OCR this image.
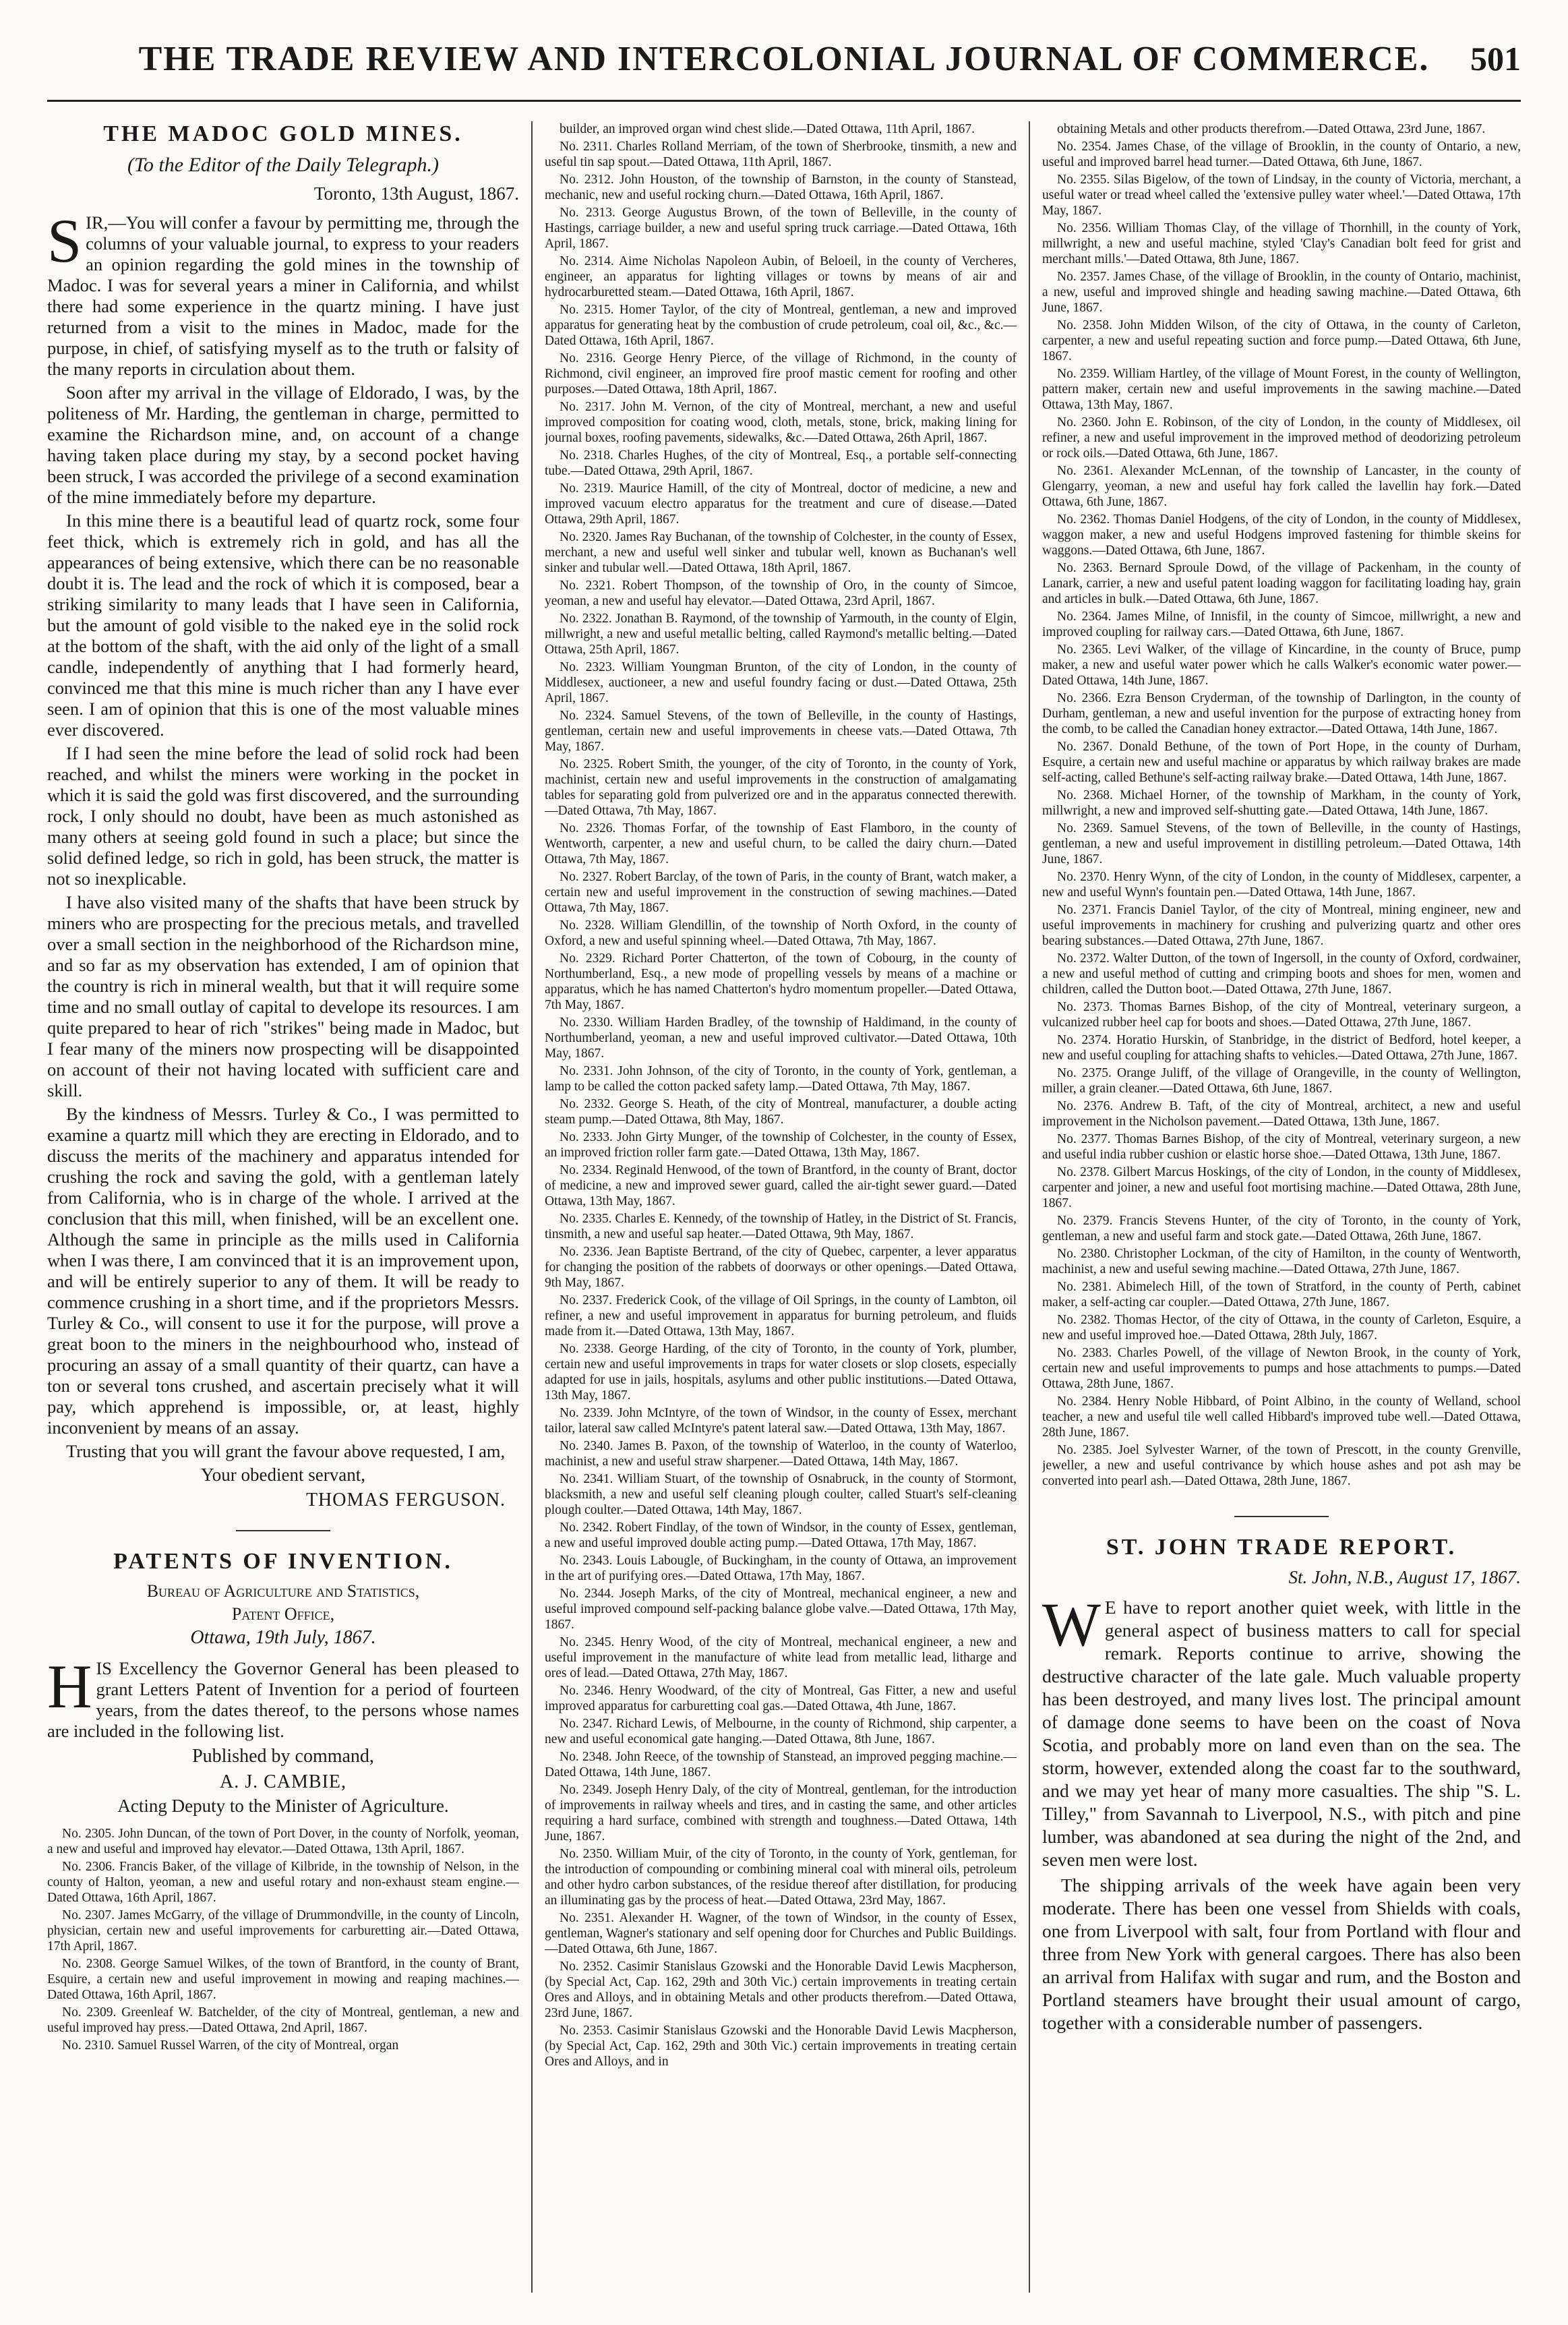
THE TRADE REVIEW AND INTERCOLONIAL JOURNAL OF COMMERCE.	501
THE MADOC GOLD MINES.
(To the Editor of the Daily Telegraph.)
Toronto, 13th August, 1867.

SIR,—You will confer a favour by permitting me, through the columns of your valuable journal, to express to your readers an opinion regarding the gold mines in the township of Madoc. I was for several years a miner in California, and whilst there had some experience in the quartz mining. I have just returned from a visit to the mines in Madoc, made for the purpose, in chief, of satisfying myself as to the truth or falsity of the many reports in circulation about them.

Soon after my arrival in the village of Eldorado, I was, by the politeness of Mr. Harding, the gentleman in charge, permitted to examine the Richardson mine, and, on account of a change having taken place during my stay, by a second pocket having been struck, I was accorded the privilege of a second examination of the mine immediately before my departure.

In this mine there is a beautiful lead of quartz rock, some four feet thick, which is extremely rich in gold, and has all the appearances of being extensive, which there can be no reasonable doubt it is. The lead and the rock of which it is composed, bear a striking similarity to many leads that I have seen in California, but the amount of gold visible to the naked eye in the solid rock at the bottom of the shaft, with the aid only of the light of a small candle, independently of anything that I had formerly heard, convinced me that this mine is much richer than any I have ever seen. I am of opinion that this is one of the most valuable mines ever discovered.

If I had seen the mine before the lead of solid rock had been reached, and whilst the miners were working in the pocket in which it is said the gold was first discovered, and the surrounding rock, I only should no doubt, have been as much astonished as many others at seeing gold found in such a place; but since the solid defined ledge, so rich in gold, has been struck, the matter is not so inexplicable.

I have also visited many of the shafts that have been struck by miners who are prospecting for the precious metals, and travelled over a small section in the neighborhood of the Richardson mine, and so far as my observation has extended, I am of opinion that the country is rich in mineral wealth, but that it will require some time and no small outlay of capital to develope its resources. I am quite prepared to hear of rich "strikes" being made in Madoc, but I fear many of the miners now prospecting will be disappointed on account of their not having located with sufficient care and skill.

By the kindness of Messrs. Turley & Co., I was permitted to examine a quartz mill which they are erecting in Eldorado, and to discuss the merits of the machinery and apparatus intended for crushing the rock and saving the gold, with a gentleman lately from California, who is in charge of the whole. I arrived at the conclusion that this mill, when finished, will be an excellent one. Although the same in principle as the mills used in California when I was there, I am convinced that it is an improvement upon, and will be entirely superior to any of them. It will be ready to commence crushing in a short time, and if the proprietors Messrs. Turley & Co., will consent to use it for the purpose, will prove a great boon to the miners in the neighbourhood who, instead of procuring an assay of a small quantity of their quartz, can have a ton or several tons crushed, and ascertain precisely what it will pay, which apprehend is impossible, or, at least, highly inconvenient by means of an assay.

Trusting that you will grant the favour above requested, I am,

Your obedient servant,
THOMAS FERGUSON.
PATENTS OF INVENTION.
Bureau of Agriculture and Statistics,
Patent Office,
Ottawa, 19th July, 1867.

HIS Excellency the Governor General has been pleased to grant Letters Patent of Invention for a period of fourteen years, from the dates thereof, to the persons whose names are included in the following list.

Published by command,
A. J. CAMBIE,
Acting Deputy to the Minister of Agriculture.

No. 2305. John Duncan, of the town of Port Dover, in the county of Norfolk, yeoman, a new and useful and improved hay elevator.—Dated Ottawa, 13th April, 1867.

No. 2306. Francis Baker, of the village of Kilbride, in the township of Nelson, in the county of Halton, yeoman, a new and useful rotary and non-exhaust steam engine.—Dated Ottawa, 16th April, 1867.

No. 2307. James McGarry, of the village of Drummondville, in the county of Lincoln, physician, certain new and useful improvements for carburetting air.—Dated Ottawa, 17th April, 1867.

No. 2308. George Samuel Wilkes, of the town of Brantford, in the county of Brant, Esquire, a certain new and useful improvement in mowing and reaping machines.—Dated Ottawa, 16th April, 1867.

No. 2309. Greenleaf W. Batchelder, of the city of Montreal, gentleman, a new and useful improved hay press.—Dated Ottawa, 2nd April, 1867.

No. 2310. Samuel Russel Warren, of the city of Montreal, organ

builder, an improved organ wind chest slide.—Dated Ottawa, 11th April, 1867.

No. 2311. Charles Rolland Merriam, of the town of Sherbrooke, tinsmith, a new and useful tin sap spout.—Dated Ottawa, 11th April, 1867.

No. 2312. John Houston, of the township of Barnston, in the county of Stanstead, mechanic, new and useful rocking churn.—Dated Ottawa, 16th April, 1867.

No. 2313. George Augustus Brown, of the town of Belleville, in the county of Hastings, carriage builder, a new and useful spring truck carriage.—Dated Ottawa, 16th April, 1867.

No. 2314. Aime Nicholas Napoleon Aubin, of Beloeil, in the county of Vercheres, engineer, an apparatus for lighting villages or towns by means of air and hydrocarburetted steam.—Dated Ottawa, 16th April, 1867.

No. 2315. Homer Taylor, of the city of Montreal, gentleman, a new and improved apparatus for generating heat by the combustion of crude petroleum, coal oil, &c., &c.—Dated Ottawa, 16th April, 1867.

No. 2316. George Henry Pierce, of the village of Richmond, in the county of Richmond, civil engineer, an improved fire proof mastic cement for roofing and other purposes.—Dated Ottawa, 18th April, 1867.

No. 2317. John M. Vernon, of the city of Montreal, merchant, a new and useful improved composition for coating wood, cloth, metals, stone, brick, making lining for journal boxes, roofing pavements, sidewalks, &c.—Dated Ottawa, 26th April, 1867.

No. 2318. Charles Hughes, of the city of Montreal, Esq., a portable self-connecting tube.—Dated Ottawa, 29th April, 1867.

No. 2319. Maurice Hamill, of the city of Montreal, doctor of medicine, a new and improved vacuum electro apparatus for the treatment and cure of disease.—Dated Ottawa, 29th April, 1867.

No. 2320. James Ray Buchanan, of the township of Colchester, in the county of Essex, merchant, a new and useful well sinker and tubular well, known as Buchanan's well sinker and tubular well.—Dated Ottawa, 18th April, 1867.

No. 2321. Robert Thompson, of the township of Oro, in the county of Simcoe, yeoman, a new and useful hay elevator.—Dated Ottawa, 23rd April, 1867.

No. 2322. Jonathan B. Raymond, of the township of Yarmouth, in the county of Elgin, millwright, a new and useful metallic belting, called Raymond's metallic belting.—Dated Ottawa, 25th April, 1867.

No. 2323. William Youngman Brunton, of the city of London, in the county of Middlesex, auctioneer, a new and useful foundry facing or dust.—Dated Ottawa, 25th April, 1867.

No. 2324. Samuel Stevens, of the town of Belleville, in the county of Hastings, gentleman, certain new and useful improvements in cheese vats.—Dated Ottawa, 7th May, 1867.

No. 2325. Robert Smith, the younger, of the city of Toronto, in the county of York, machinist, certain new and useful improvements in the construction of amalgamating tables for separating gold from pulverized ore and in the apparatus connected therewith.—Dated Ottawa, 7th May, 1867.

No. 2326. Thomas Forfar, of the township of East Flamboro, in the county of Wentworth, carpenter, a new and useful churn, to be called the dairy churn.—Dated Ottawa, 7th May, 1867.

No. 2327. Robert Barclay, of the town of Paris, in the county of Brant, watch maker, a certain new and useful improvement in the construction of sewing machines.—Dated Ottawa, 7th May, 1867.

No. 2328. William Glendillin, of the township of North Oxford, in the county of Oxford, a new and useful spinning wheel.—Dated Ottawa, 7th May, 1867.

No. 2329. Richard Porter Chatterton, of the town of Cobourg, in the county of Northumberland, Esq., a new mode of propelling vessels by means of a machine or apparatus, which he has named Chatterton's hydro momentum propeller.—Dated Ottawa, 7th May, 1867.

No. 2330. William Harden Bradley, of the township of Haldimand, in the county of Northumberland, yeoman, a new and useful improved cultivator.—Dated Ottawa, 10th May, 1867.

No. 2331. John Johnson, of the city of Toronto, in the county of York, gentleman, a lamp to be called the cotton packed safety lamp.—Dated Ottawa, 7th May, 1867.

No. 2332. George S. Heath, of the city of Montreal, manufacturer, a double acting steam pump.—Dated Ottawa, 8th May, 1867.

No. 2333. John Girty Munger, of the township of Colchester, in the county of Essex, an improved friction roller farm gate.—Dated Ottawa, 13th May, 1867.

No. 2334. Reginald Henwood, of the town of Brantford, in the county of Brant, doctor of medicine, a new and improved sewer guard, called the air-tight sewer guard.—Dated Ottawa, 13th May, 1867.

No. 2335. Charles E. Kennedy, of the township of Hatley, in the District of St. Francis, tinsmith, a new and useful sap heater.—Dated Ottawa, 9th May, 1867.

No. 2336. Jean Baptiste Bertrand, of the city of Quebec, carpenter, a lever apparatus for changing the position of the rabbets of doorways or other openings.—Dated Ottawa, 9th May, 1867.

No. 2337. Frederick Cook, of the village of Oil Springs, in the county of Lambton, oil refiner, a new and useful improvement in apparatus for burning petroleum, and fluids made from it.—Dated Ottawa, 13th May, 1867.

No. 2338. George Harding, of the city of Toronto, in the county of York, plumber, certain new and useful improvements in traps for water closets or slop closets, especially adapted for use in jails, hospitals, asylums and other public institutions.—Dated Ottawa, 13th May, 1867.

No. 2339. John McIntyre, of the town of Windsor, in the county of Essex, merchant tailor, lateral saw called McIntyre's patent lateral saw.—Dated Ottawa, 13th May, 1867.

No. 2340. James B. Paxon, of the township of Waterloo, in the county of Waterloo, machinist, a new and useful straw sharpener.—Dated Ottawa, 14th May, 1867.

No. 2341. William Stuart, of the township of Osnabruck, in the county of Stormont, blacksmith, a new and useful self cleaning plough coulter, called Stuart's self-cleaning plough coulter.—Dated Ottawa, 14th May, 1867.

No. 2342. Robert Findlay, of the town of Windsor, in the county of Essex, gentleman, a new and useful improved double acting pump.—Dated Ottawa, 17th May, 1867.

No. 2343. Louis Labougle, of Buckingham, in the county of Ottawa, an improvement in the art of purifying ores.—Dated Ottawa, 17th May, 1867.

No. 2344. Joseph Marks, of the city of Montreal, mechanical engineer, a new and useful improved compound self-packing balance globe valve.—Dated Ottawa, 17th May, 1867.

No. 2345. Henry Wood, of the city of Montreal, mechanical engineer, a new and useful improvement in the manufacture of white lead from metallic lead, litharge and ores of lead.—Dated Ottawa, 27th May, 1867.

No. 2346. Henry Woodward, of the city of Montreal, Gas Fitter, a new and useful improved apparatus for carburetting coal gas.—Dated Ottawa, 4th June, 1867.

No. 2347. Richard Lewis, of Melbourne, in the county of Richmond, ship carpenter, a new and useful economical gate hanging.—Dated Ottawa, 8th June, 1867.

No. 2348. John Reece, of the township of Stanstead, an improved pegging machine.—Dated Ottawa, 14th June, 1867.

No. 2349. Joseph Henry Daly, of the city of Montreal, gentleman, for the introduction of improvements in railway wheels and tires, and in casting the same, and other articles requiring a hard surface, combined with strength and toughness.—Dated Ottawa, 14th June, 1867.

No. 2350. William Muir, of the city of Toronto, in the county of York, gentleman, for the introduction of compounding or combining mineral coal with mineral oils, petroleum and other hydro carbon substances, of the residue thereof after distillation, for producing an illuminating gas by the process of heat.—Dated Ottawa, 23rd May, 1867.

No. 2351. Alexander H. Wagner, of the town of Windsor, in the county of Essex, gentleman, Wagner's stationary and self opening door for Churches and Public Buildings.—Dated Ottawa, 6th June, 1867.

No. 2352. Casimir Stanislaus Gzowski and the Honorable David Lewis Macpherson, (by Special Act, Cap. 162, 29th and 30th Vic.) certain improvements in treating certain Ores and Alloys, and in obtaining Metals and other products therefrom.—Dated Ottawa, 23rd June, 1867.

No. 2353. Casimir Stanislaus Gzowski and the Honorable David Lewis Macpherson, (by Special Act, Cap. 162, 29th and 30th Vic.) certain improvements in treating certain Ores and Alloys, and in

obtaining Metals and other products therefrom.—Dated Ottawa, 23rd June, 1867.

No. 2354. James Chase, of the village of Brooklin, in the county of Ontario, a new, useful and improved barrel head turner.—Dated Ottawa, 6th June, 1867.

No. 2355. Silas Bigelow, of the town of Lindsay, in the county of Victoria, merchant, a useful water or tread wheel called the 'extensive pulley water wheel.'—Dated Ottawa, 17th May, 1867.

No. 2356. William Thomas Clay, of the village of Thornhill, in the county of York, millwright, a new and useful machine, styled 'Clay's Canadian bolt feed for grist and merchant mills.'—Dated Ottawa, 8th June, 1867.

No. 2357. James Chase, of the village of Brooklin, in the county of Ontario, machinist, a new, useful and improved shingle and heading sawing machine.—Dated Ottawa, 6th June, 1867.

No. 2358. John Midden Wilson, of the city of Ottawa, in the county of Carleton, carpenter, a new and useful repeating suction and force pump.—Dated Ottawa, 6th June, 1867.

No. 2359. William Hartley, of the village of Mount Forest, in the county of Wellington, pattern maker, certain new and useful improvements in the sawing machine.—Dated Ottawa, 13th May, 1867.

No. 2360. John E. Robinson, of the city of London, in the county of Middlesex, oil refiner, a new and useful improvement in the improved method of deodorizing petroleum or rock oils.—Dated Ottawa, 6th June, 1867.

No. 2361. Alexander McLennan, of the township of Lancaster, in the county of Glengarry, yeoman, a new and useful hay fork called the lavellin hay fork.—Dated Ottawa, 6th June, 1867.

No. 2362. Thomas Daniel Hodgens, of the city of London, in the county of Middlesex, waggon maker, a new and useful Hodgens improved fastening for thimble skeins for waggons.—Dated Ottawa, 6th June, 1867.

No. 2363. Bernard Sproule Dowd, of the village of Packenham, in the county of Lanark, carrier, a new and useful patent loading waggon for facilitating loading hay, grain and articles in bulk.—Dated Ottawa, 6th June, 1867.

No. 2364. James Milne, of Innisfil, in the county of Simcoe, millwright, a new and improved coupling for railway cars.—Dated Ottawa, 6th June, 1867.

No. 2365. Levi Walker, of the village of Kincardine, in the county of Bruce, pump maker, a new and useful water power which he calls Walker's economic water power.—Dated Ottawa, 14th June, 1867.

No. 2366. Ezra Benson Cryderman, of the township of Darlington, in the county of Durham, gentleman, a new and useful invention for the purpose of extracting honey from the comb, to be called the Canadian honey extractor.—Dated Ottawa, 14th June, 1867.

No. 2367. Donald Bethune, of the town of Port Hope, in the county of Durham, Esquire, a certain new and useful machine or apparatus by which railway brakes are made self-acting, called Bethune's self-acting railway brake.—Dated Ottawa, 14th June, 1867.

No. 2368. Michael Horner, of the township of Markham, in the county of York, millwright, a new and improved self-shutting gate.—Dated Ottawa, 14th June, 1867.

No. 2369. Samuel Stevens, of the town of Belleville, in the county of Hastings, gentleman, a new and useful improvement in distilling petroleum.—Dated Ottawa, 14th June, 1867.

No. 2370. Henry Wynn, of the city of London, in the county of Middlesex, carpenter, a new and useful Wynn's fountain pen.—Dated Ottawa, 14th June, 1867.

No. 2371. Francis Daniel Taylor, of the city of Montreal, mining engineer, new and useful improvements in machinery for crushing and pulverizing quartz and other ores bearing substances.—Dated Ottawa, 27th June, 1867.

No. 2372. Walter Dutton, of the town of Ingersoll, in the county of Oxford, cordwainer, a new and useful method of cutting and crimping boots and shoes for men, women and children, called the Dutton boot.—Dated Ottawa, 27th June, 1867.

No. 2373. Thomas Barnes Bishop, of the city of Montreal, veterinary surgeon, a vulcanized rubber heel cap for boots and shoes.—Dated Ottawa, 27th June, 1867.

No. 2374. Horatio Hurskin, of Stanbridge, in the district of Bedford, hotel keeper, a new and useful coupling for attaching shafts to vehicles.—Dated Ottawa, 27th June, 1867.

No. 2375. Orange Juliff, of the village of Orangeville, in the county of Wellington, miller, a grain cleaner.—Dated Ottawa, 6th June, 1867.

No. 2376. Andrew B. Taft, of the city of Montreal, architect, a new and useful improvement in the Nicholson pavement.—Dated Ottawa, 13th June, 1867.

No. 2377. Thomas Barnes Bishop, of the city of Montreal, veterinary surgeon, a new and useful india rubber cushion or elastic horse shoe.—Dated Ottawa, 13th June, 1867.

No. 2378. Gilbert Marcus Hoskings, of the city of London, in the county of Middlesex, carpenter and joiner, a new and useful foot mortising machine.—Dated Ottawa, 28th June, 1867.

No. 2379. Francis Stevens Hunter, of the city of Toronto, in the county of York, gentleman, a new and useful farm and stock gate.—Dated Ottawa, 26th June, 1867.

No. 2380. Christopher Lockman, of the city of Hamilton, in the county of Wentworth, machinist, a new and useful sewing machine.—Dated Ottawa, 27th June, 1867.

No. 2381. Abimelech Hill, of the town of Stratford, in the county of Perth, cabinet maker, a self-acting car coupler.—Dated Ottawa, 27th June, 1867.

No. 2382. Thomas Hector, of the city of Ottawa, in the county of Carleton, Esquire, a new and useful improved hoe.—Dated Ottawa, 28th July, 1867.

No. 2383. Charles Powell, of the village of Newton Brook, in the county of York, certain new and useful improvements to pumps and hose attachments to pumps.—Dated Ottawa, 28th June, 1867.

No. 2384. Henry Noble Hibbard, of Point Albino, in the county of Welland, school teacher, a new and useful tile well called Hibbard's improved tube well.—Dated Ottawa, 28th June, 1867.

No. 2385. Joel Sylvester Warner, of the town of Prescott, in the county Grenville, jeweller, a new and useful contrivance by which house ashes and pot ash may be converted into pearl ash.—Dated Ottawa, 28th June, 1867.

ST. JOHN TRADE REPORT.
St. John, N.B., August 17, 1867.

W E have to report another quiet week, with little in the general aspect of business matters to call for special remark. Reports continue to arrive, showing the destructive character of the late gale. Much valuable property has been destroyed, and many lives lost. The principal amount of damage done seems to have been on the coast of Nova Scotia, and probably more on land even than on the sea. The storm, however, extended along the coast far to the southward, and we may yet hear of many more casualties. The ship "S. L. Tilley," from Savannah to Liverpool, N.S., with pitch and pine lumber, was abandoned at sea during the night of the 2nd, and seven men were lost.

The shipping arrivals of the week have again been very moderate. There has been one vessel from Shields with coals, one from Liverpool with salt, four from Portland with flour and three from New York with general cargoes. There has also been an arrival from Halifax with sugar and rum, and the Boston and Portland steamers have brought their usual amount of cargo, together with a considerable number of passengers.
